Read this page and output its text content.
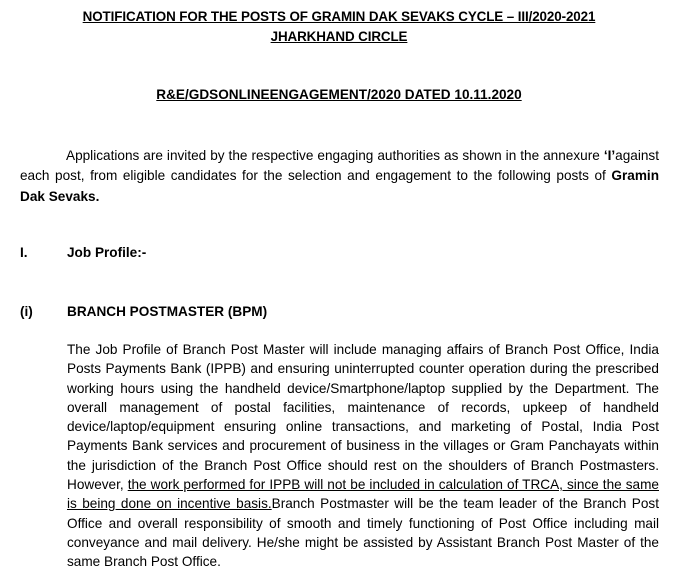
NOTIFICATION FOR THE POSTS OF GRAMIN DAK SEVAKS CYCLE – III/2020-2021
JHARKHAND CIRCLE
R&E/GDSONLINEENGAGEMENT/2020 DATED 10.11.2020
Applications are invited by the respective engaging authorities as shown in the annexure ‘I’against each post, from eligible candidates for the selection and engagement to the following posts of Gramin Dak Sevaks.
I.	Job Profile:-
(i)	BRANCH POSTMASTER (BPM)
The Job Profile of Branch Post Master will include managing affairs of Branch Post Office, India Posts Payments Bank (IPPB) and ensuring uninterrupted counter operation during the prescribed working hours using the handheld device/Smartphone/laptop supplied by the Department. The overall management of postal facilities, maintenance of records, upkeep of handheld device/laptop/equipment ensuring online transactions, and marketing of Postal, India Post Payments Bank services and procurement of business in the villages or Gram Panchayats within the jurisdiction of the Branch Post Office should rest on the shoulders of Branch Postmasters. However, the work performed for IPPB will not be included in calculation of TRCA, since the same is being done on incentive basis.Branch Postmaster will be the team leader of the Branch Post Office and overall responsibility of smooth and timely functioning of Post Office including mail conveyance and mail delivery. He/she might be assisted by Assistant Branch Post Master of the same Branch Post Office.
